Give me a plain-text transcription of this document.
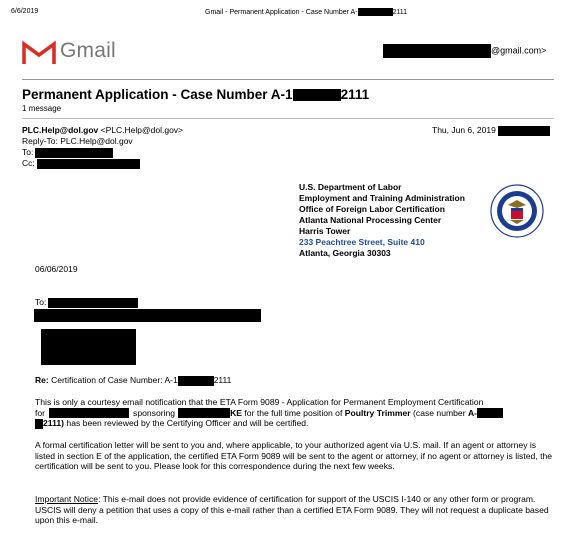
6/6/2019	Gmail - Permanent Application - Case Number A-	2111
Gmail	@gmail.com>
Permanent Application - Case Number A-1	2111
1 message
PLC.Help@dol.gov <PLC.Help@dol.gov>	Thu, Jun 6, 2019
Reply-To: PLC.Help@dol.gov
To:
Cc:
U.S. Department of Labor
Employment and Training Administration
Office of Foreign Labor Certification
Atlanta National Processing Center
Harris Tower
233 Peachtree Street, Suite 410
Atlanta, Georgia 30303
06/06/2019
To:
Re: Certification of Case Number: A-1	2111
This is only a courtesy email notification that the ETA Form 9089 - Application for Permanent Employment Certification
for	sponsoring	KE for the full time position of Poultry Trimmer (case number A-
2111) has been reviewed by the Certifying Officer and will be certified.
A formal certification letter will be sent to you and, where applicable, to your authorized agent via U.S. mail. If an agent or attorney is listed in section E of the application, the certified ETA Form 9089 will be sent to the agent or attorney, if no agent or attorney is listed, the certification will be sent to you. Please look for this correspondence during the next few weeks.
Important Notice: This e-mail does not provide evidence of certification for support of the USCIS I-140 or any other form or program. USCIS will deny a petition that uses a copy of this e-mail rather than a certified ETA Form 9089. They will not request a duplicate based upon this e-mail.
